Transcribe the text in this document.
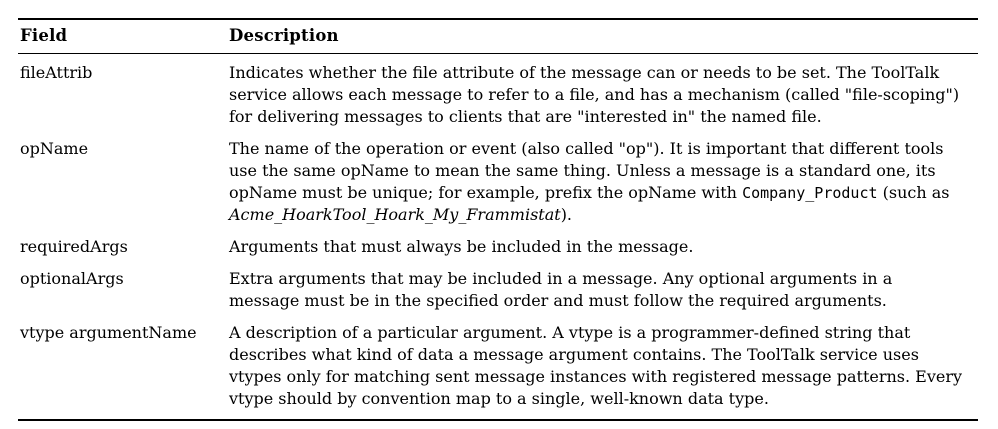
Field	Description
fileAttrib	Indicates whether the file attribute of the message can or needs to be set. The ToolTalk service allows each message to refer to a file, and has a mechanism (called "file-scoping") for delivering messages to clients that are "interested in" the named file.
opName	The name of the operation or event (also called "op"). It is important that different tools use the same opName to mean the same thing. Unless a message is a standard one, its opName must be unique; for example, prefix the opName with Company_Product (such as Acme_HoarkTool_Hoark_My_Frammistat).
requiredArgs	Arguments that must always be included in the message.
optionalArgs	Extra arguments that may be included in a message. Any optional arguments in a message must be in the specified order and must follow the required arguments.
vtype argumentName	A description of a particular argument. A vtype is a programmer-defined string that describes what kind of data a message argument contains. The ToolTalk service uses vtypes only for matching sent message instances with registered message patterns. Every vtype should by convention map to a single, well-known data type.
